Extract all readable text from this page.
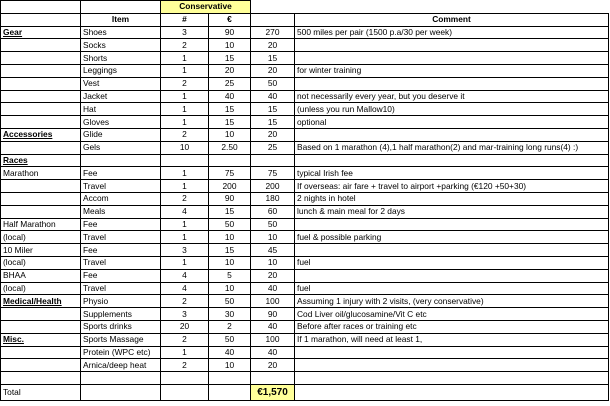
		Conservative			
	Item	#	€		Comment
Gear	Shoes	3	90	270	500 miles per pair (1500 p.a/30 per week)
	Socks	2	10	20	
	Shorts	1	15	15	
	Leggings	1	20	20	for winter training
	Vest	2	25	50	
	Jacket	1	40	40	not necessarily every year, but you deserve it
	Hat	1	15	15	(unless you run Mallow10)
	Gloves	1	15	15	optional
Accessories	Glide	2	10	20	
	Gels	10	2.50	25	Based on 1 marathon (4),1 half marathon(2) and mar-training long runs(4) :)
Races					
Marathon	Fee	1	75	75	typical Irish fee
	Travel	1	200	200	If overseas: air fare + travel to airport +parking (€120 +50+30)
	Accom	2	90	180	2 nights in hotel
	Meals	4	15	60	lunch & main meal for 2 days
Half Marathon	Fee	1	50	50	
(local)	Travel	1	10	10	fuel & possible parking
10 Miler	Fee	3	15	45	
(local)	Travel	1	10	10	fuel
BHAA	Fee	4	5	20	
(local)	Travel	4	10	40	fuel
Medical/Health	Physio	2	50	100	Assuming 1 injury with 2 visits, (very conservative)
	Supplements	3	30	90	Cod Liver oil/glucosamine/Vit C etc
	Sports drinks	20	2	40	Before after races or training etc
Misc.	Sports Massage	2	50	100	If 1 marathon, will need at least 1,
	Protein (WPC etc)	1	40	40	
	Arnica/deep heat	2	10	20	

Total				€1,570	
